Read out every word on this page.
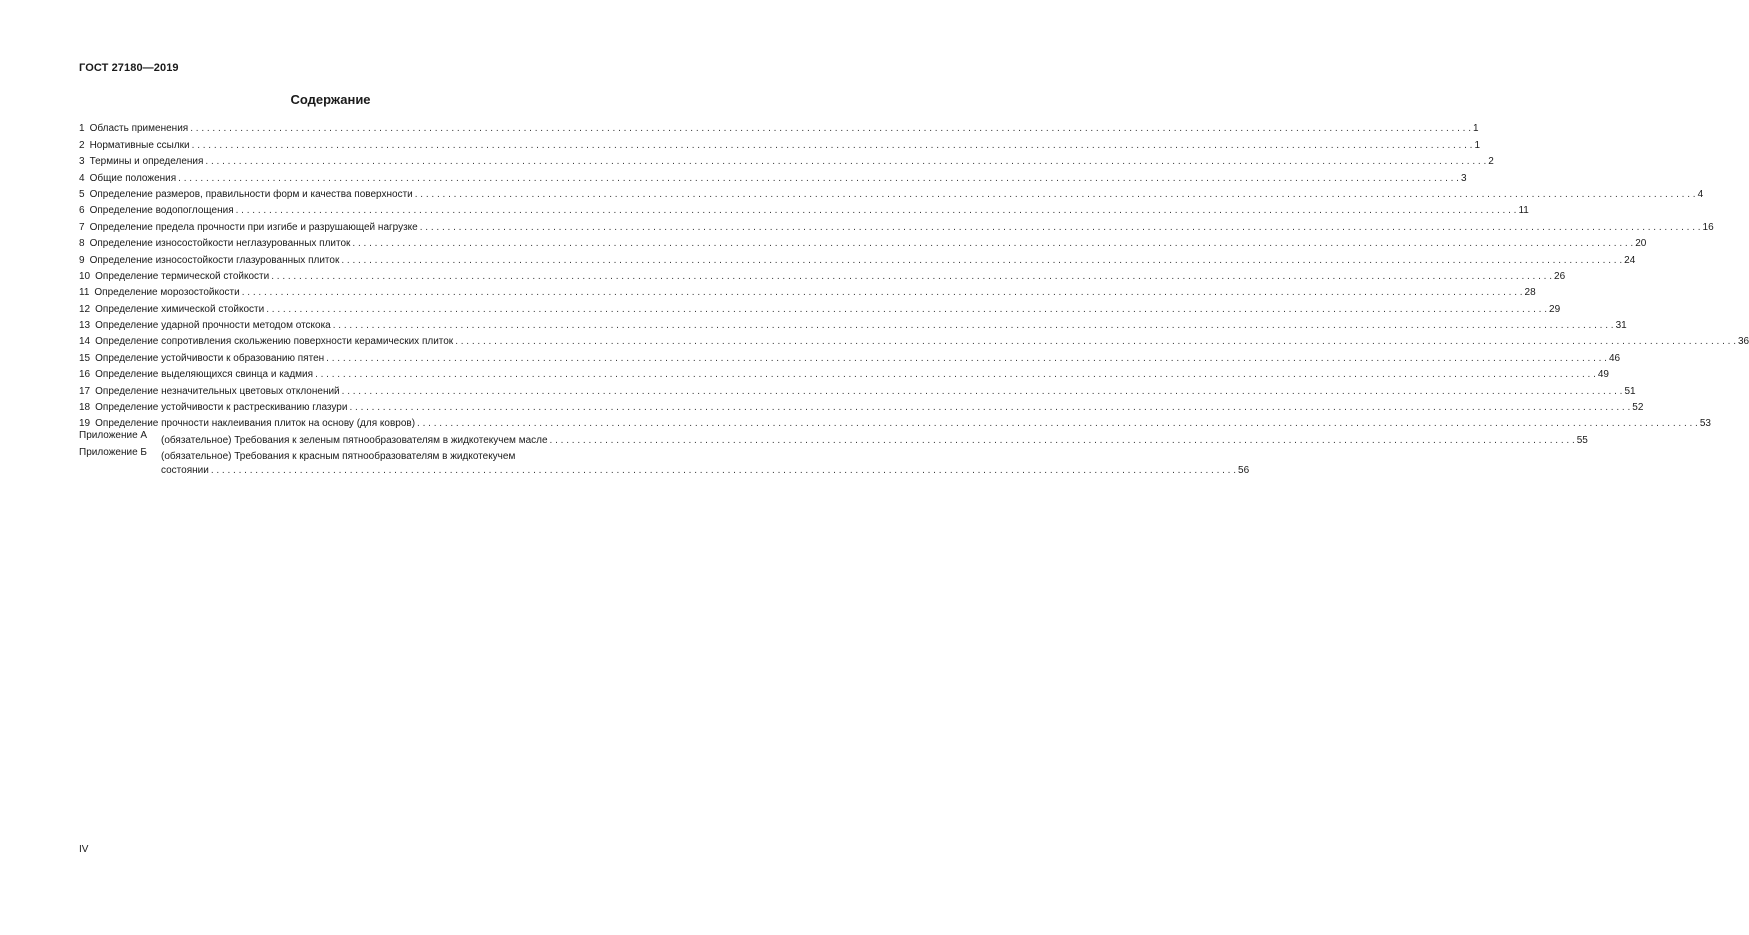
ГОСТ 27180—2019
Содержание
1 Область применения . . .	1
2 Нормативные ссылки . . .	1
3 Термины и определения . . .	2
4 Общие положения . . .	3
5 Определение размеров, правильности форм и качества поверхности . . .	4
6 Определение водопоглощения . . .	11
7 Определение предела прочности при изгибе и разрушающей нагрузке . . .	16
8 Определение износостойкости неглазурованных плиток . . .	20
9 Определение износостойкости глазурованных плиток . . .	24
10 Определение термической стойкости . . .	26
11 Определение морозостойкости . . .	28
12 Определение химической стойкости . . .	29
13 Определение ударной прочности методом отскока . . .	31
14 Определение сопротивления скольжению поверхности керамических плиток . . .	36
15 Определение устойчивости к образованию пятен . . .	46
16 Определение выделяющихся свинца и кадмия . . .	49
17 Определение незначительных цветовых отклонений . . .	51
18 Определение устойчивости к растрескиванию глазури . . .	52
19 Определение прочности наклеивания плиток на основу (для ковров) . . .	53
Приложение А	(обязательное) Требования к зеленым пятнообразователям в жидкотекучем масле . . .	55
Приложение Б	(обязательное) Требования к красным пятнообразователям в жидкотекучем
состоянии . . .	56
IV
